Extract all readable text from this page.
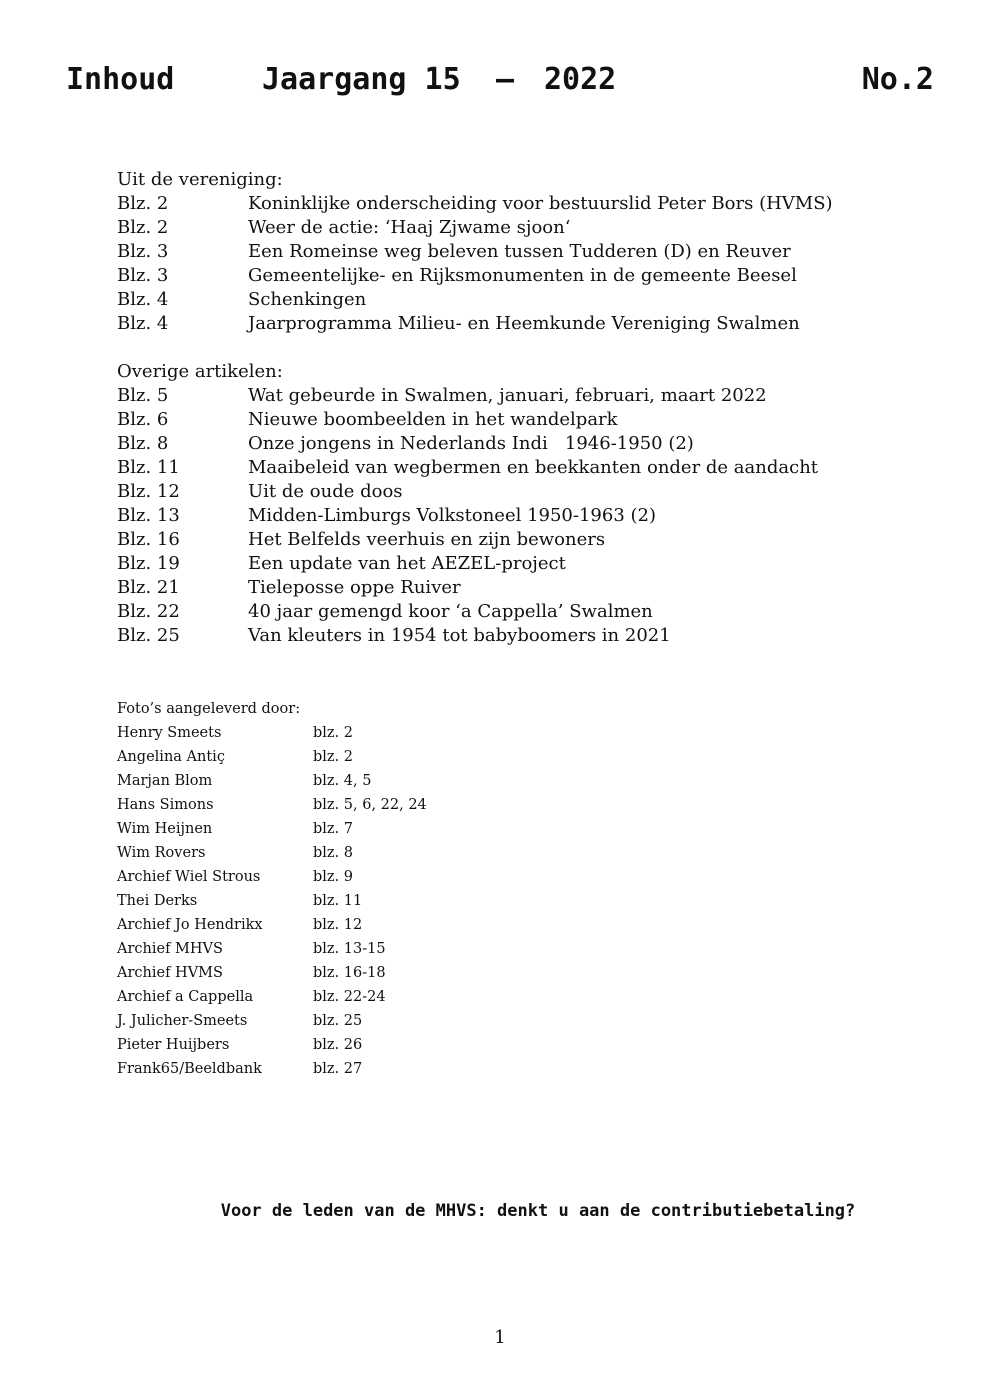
Inhoud	Jaargang 15 – 2022	No.2
Uit de vereniging:
Blz. 2	Koninklijke onderscheiding voor bestuurslid Peter Bors (HVMS)
Blz. 2	Weer de actie: ‘Haaj Zjwame sjoon‘
Blz. 3	Een Romeinse weg beleven tussen Tudderen (D) en Reuver
Blz. 3	Gemeentelijke- en Rijksmonumenten in de gemeente Beesel
Blz. 4	Schenkingen
Blz. 4	Jaarprogramma Milieu- en Heemkunde Vereniging Swalmen
Overige artikelen:
Blz. 5	Wat gebeurde in Swalmen, januari, februari, maart 2022
Blz. 6	Nieuwe boombeelden in het wandelpark
Blz. 8	Onze jongens in Nederlands Indi   1946-1950 (2)
Blz. 11	Maaibeleid van wegbermen en beekkanten onder de aandacht
Blz. 12	Uit de oude doos
Blz. 13	Midden-Limburgs Volkstoneel 1950-1963 (2)
Blz. 16	Het Belfelds veerhuis en zijn bewoners
Blz. 19	Een update van het AEZEL-project
Blz. 21	Tieleposse oppe Ruiver
Blz. 22	40 jaar gemengd koor ‘a Cappella’ Swalmen
Blz. 25	Van kleuters in 1954 tot babyboomers in 2021
Foto’s aangeleverd door:
Henry Smeets	blz. 2
Angelina Antiç	blz. 2
Marjan Blom	blz. 4, 5
Hans Simons	blz. 5, 6, 22, 24
Wim Heijnen	blz. 7
Wim Rovers	blz. 8
Archief Wiel Strous	blz. 9
Thei Derks	blz. 11
Archief Jo Hendrikx	blz. 12
Archief MHVS	blz. 13-15
Archief HVMS	blz. 16-18
Archief a Cappella	blz. 22-24
J. Julicher-Smeets	blz. 25
Pieter Huijbers	blz. 26
Frank65/Beeldbank	blz. 27
Voor de leden van de MHVS: denkt u aan de contributiebetaling?
1
